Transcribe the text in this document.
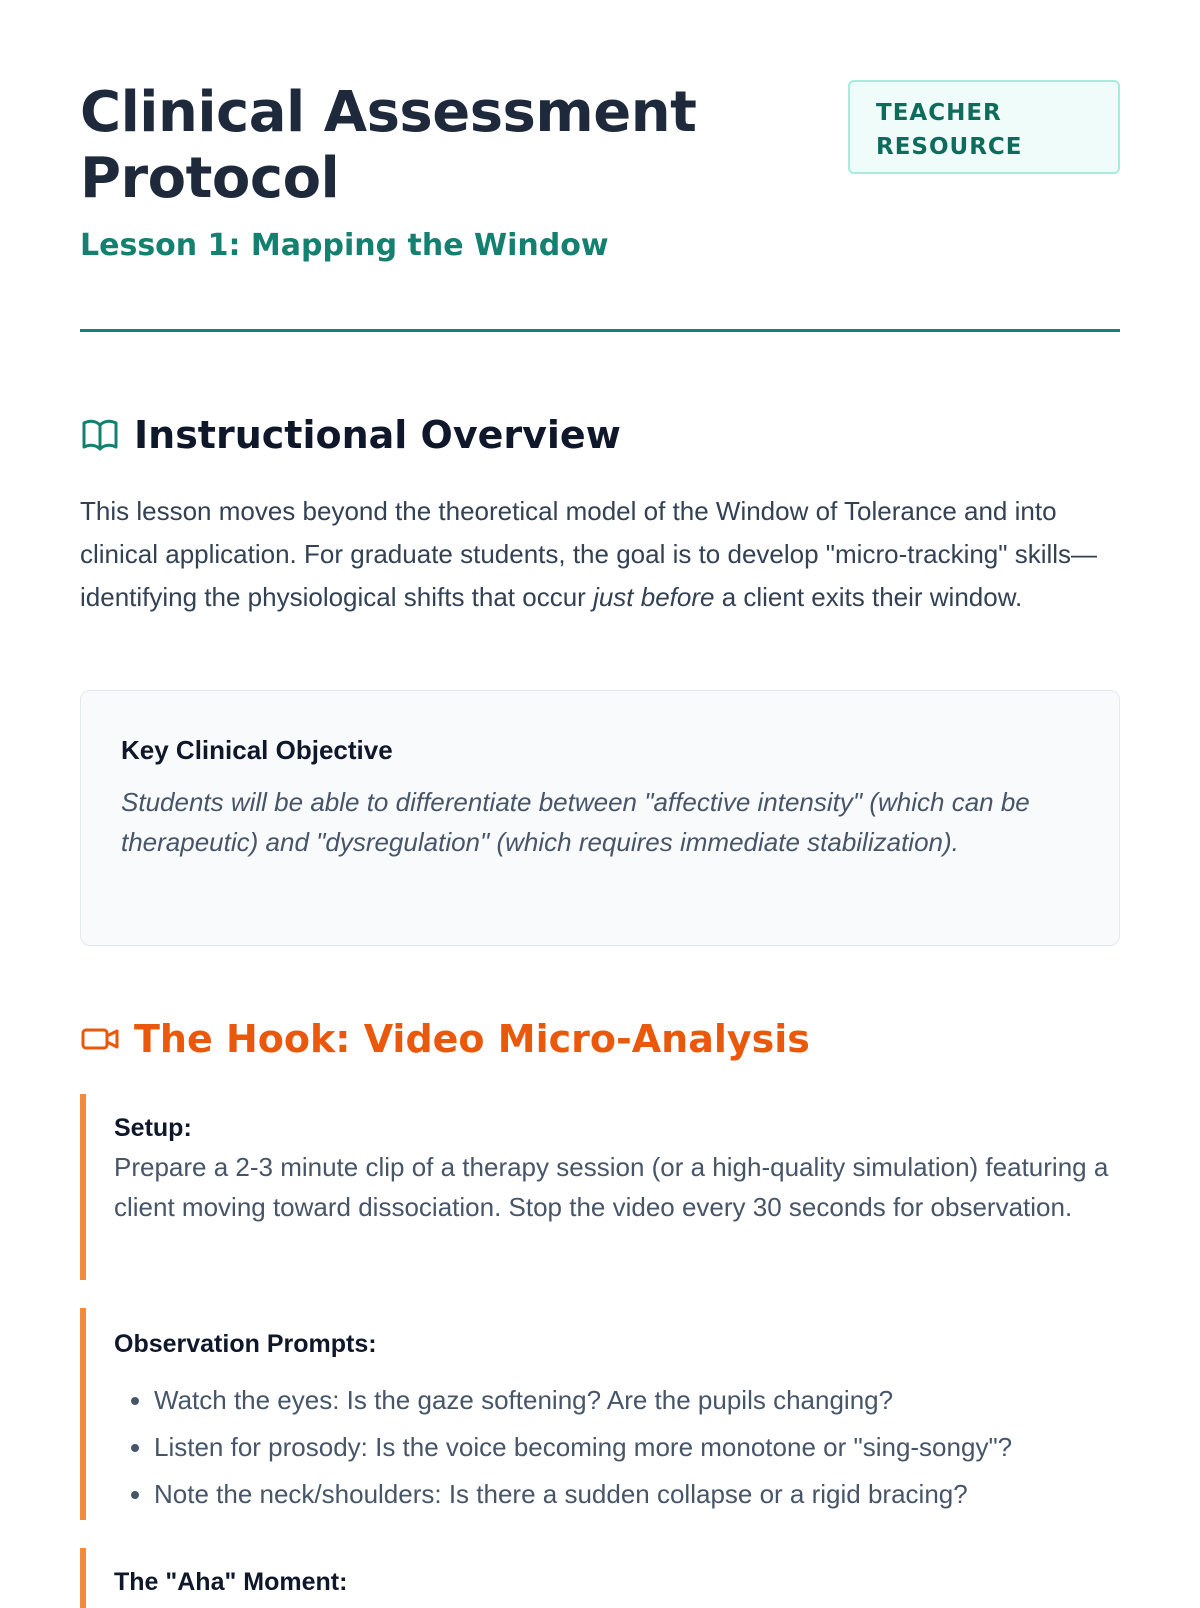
Clinical Assessment Protocol
Lesson 1: Mapping the Window
TEACHER RESOURCE
Instructional Overview

This lesson moves beyond the theoretical model of the Window of Tolerance and into clinical application. For graduate students, the goal is to develop "micro-tracking" skills—identifying the physiological shifts that occur just before a client exits their window.

Key Clinical Objective

Students will be able to differentiate between "affective intensity" (which can be therapeutic) and "dysregulation" (which requires immediate stabilization).

The Hook: Video Micro-Analysis
Setup:

Prepare a 2-3 minute clip of a therapy session (or a high-quality simulation) featuring a client moving toward dissociation. Stop the video every 30 seconds for observation.

Observation Prompts:
• Watch the eyes: Is the gaze softening? Are the pupils changing?
• Listen for prosody: Is the voice becoming more monotone or "sing-songy"?
• Note the neck/shoulders: Is there a sudden collapse or a rigid bracing?
The "Aha" Moment:
